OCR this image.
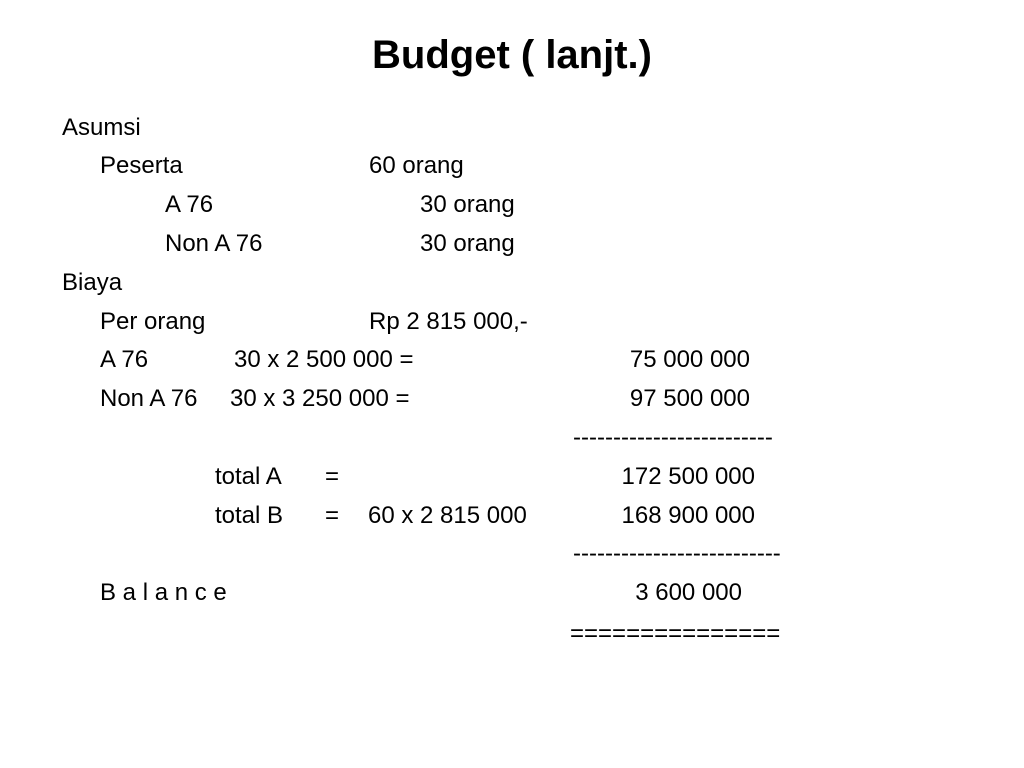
Budget ( lanjt.)
Asumsi
Peserta	60 orang
A 76	30 orang
Non A 76	30 orang
Biaya
Per orang	Rp 2 815 000,-
A 76	30 x 2 500 000 =	75 000 000
Non A 76 30 x 3 250 000 =	97 500 000
-------------------------
total A =	172 500 000
total B = 60 x 2 815 000	168 900 000
--------------------------
B a l a n c e	3 600 000
===============
